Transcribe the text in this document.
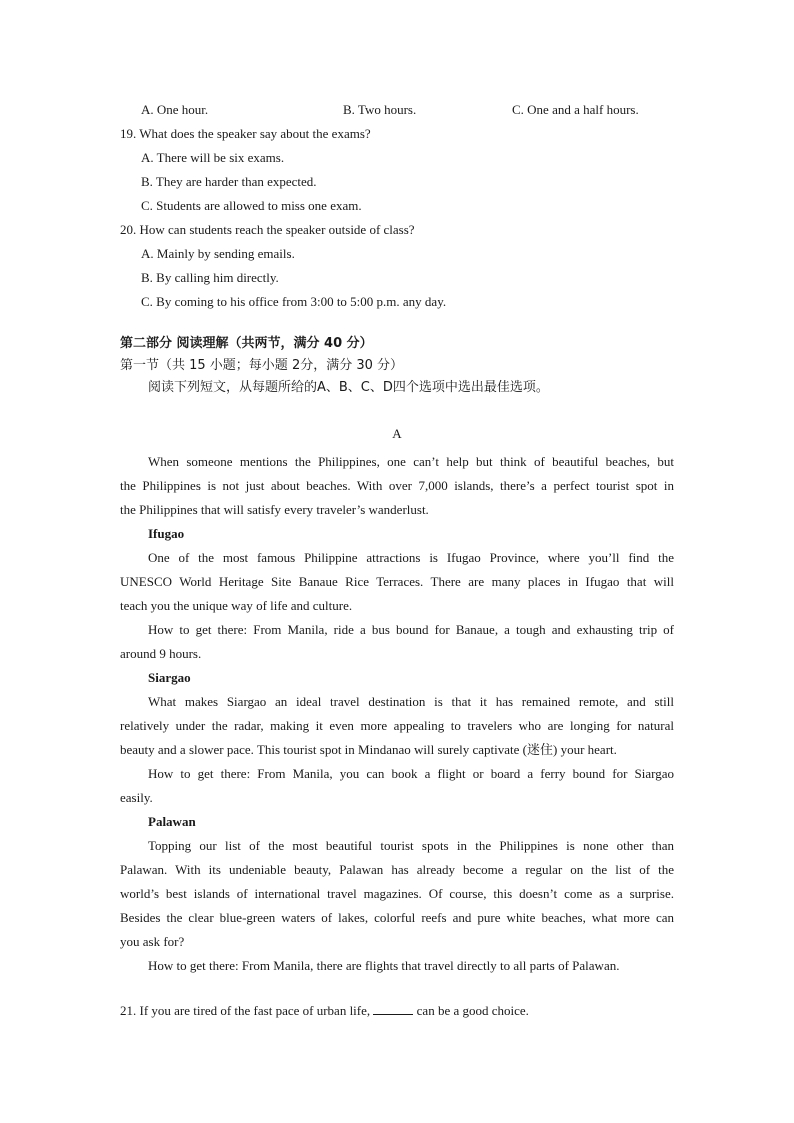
A. One hour.	B. Two hours.	C. One and a half hours.
19. What does the speaker say about the exams?
A. There will be six exams.
B. They are harder than expected.
C. Students are allowed to miss one exam.
20. How can students reach the speaker outside of class?
A. Mainly by sending emails.
B. By calling him directly.
C. By coming to his office from 3:00 to 5:00 p.m. any day.
第二部分 阅读理解（共两节，满分 40 分）
第一节（共 15 小题；每小题 2分，满分 30 分）
阅读下列短文，从每题所给的A、B、C、D四个选项中选出最佳选项。
A
When someone mentions the Philippines, one can’t help but think of beautiful beaches, but
the Philippines is not just about beaches. With over 7,000 islands, there’s a perfect tourist spot in
the Philippines that will satisfy every traveler’s wanderlust.
Ifugao
One of the most famous Philippine attractions is Ifugao Province, where you’ll find the
UNESCO World Heritage Site Banaue Rice Terraces. There are many places in Ifugao that will
teach you the unique way of life and culture.
How to get there: From Manila, ride a bus bound for Banaue, a tough and exhausting trip of
around 9 hours.
Siargao
What makes Siargao an ideal travel destination is that it has remained remote, and still
relatively under the radar, making it even more appealing to travelers who are longing for natural
beauty and a slower pace. This tourist spot in Mindanao will surely captivate (迷住) your heart.
How to get there: From Manila, you can book a flight or board a ferry bound for Siargao
easily.
Palawan
Topping our list of the most beautiful tourist spots in the Philippines is none other than
Palawan. With its undeniable beauty, Palawan has already become a regular on the list of the
world’s best islands of international travel magazines. Of course, this doesn’t come as a surprise.
Besides the clear blue-green waters of lakes, colorful reefs and pure white beaches, what more can
you ask for?
How to get there: From Manila, there are flights that travel directly to all parts of Palawan.
21. If you are tired of the fast pace of urban life,	can be a good choice.
